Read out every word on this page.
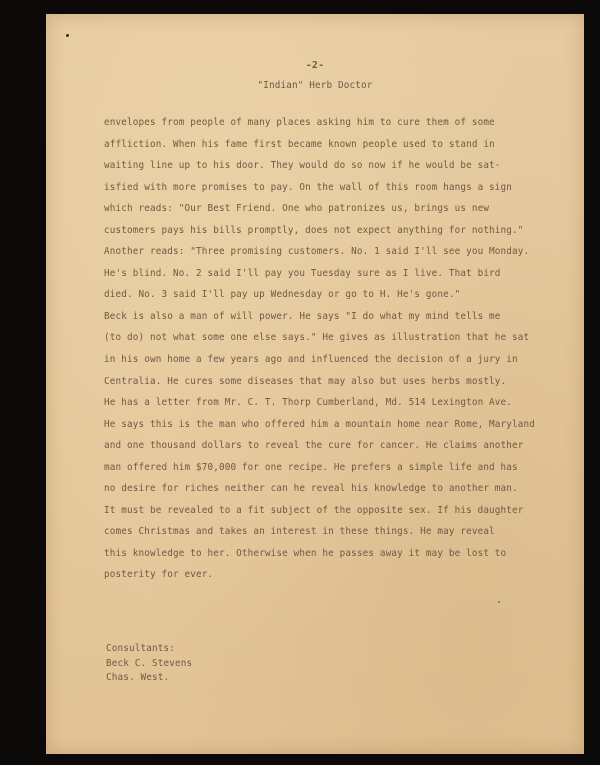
-2-
"Indian" Herb Doctor
envelopes from people of many places asking him to cure them of some
affliction. When his fame first became known people used to stand in
waiting line up to his door. They would do so now if he would be sat-
isfied with more promises to pay. On the wall of this room hangs a sign
which reads: "Our Best Friend. One who patronizes us, brings us new
customers pays his bills promptly, does not expect anything for nothing."
Another reads: "Three promising customers. No. 1 said I'll see you Monday.
He's blind. No. 2 said I'll pay you Tuesday sure as I live. That bird
died. No. 3 said I'll pay up Wednesday or go to H. He's gone."
Beck is also a man of will power. He says "I do what my mind tells me
(to do) not what some one else says." He gives as illustration that he sat
in his own home a few years ago and influenced the decision of a jury in
Centralia. He cures some diseases that may also but uses herbs mostly.
He has a letter from Mr. C. T. Thorp Cumberland, Md. 514 Lexington Ave.
He says this is the man who offered him a mountain home near Rome, Maryland
and one thousand dollars to reveal the cure for cancer. He claims another
man offered him $70,000 for one recipe. He prefers a simple life and has
no desire for riches neither can he reveal his knowledge to another man.
It must be revealed to a fit subject of the opposite sex. If his daughter
comes Christmas and takes an interest in these things. He may reveal
this knowledge to her. Otherwise when he passes away it may be lost to
posterity for ever.
Consultants:
Beck C. Stevens
Chas. West.
